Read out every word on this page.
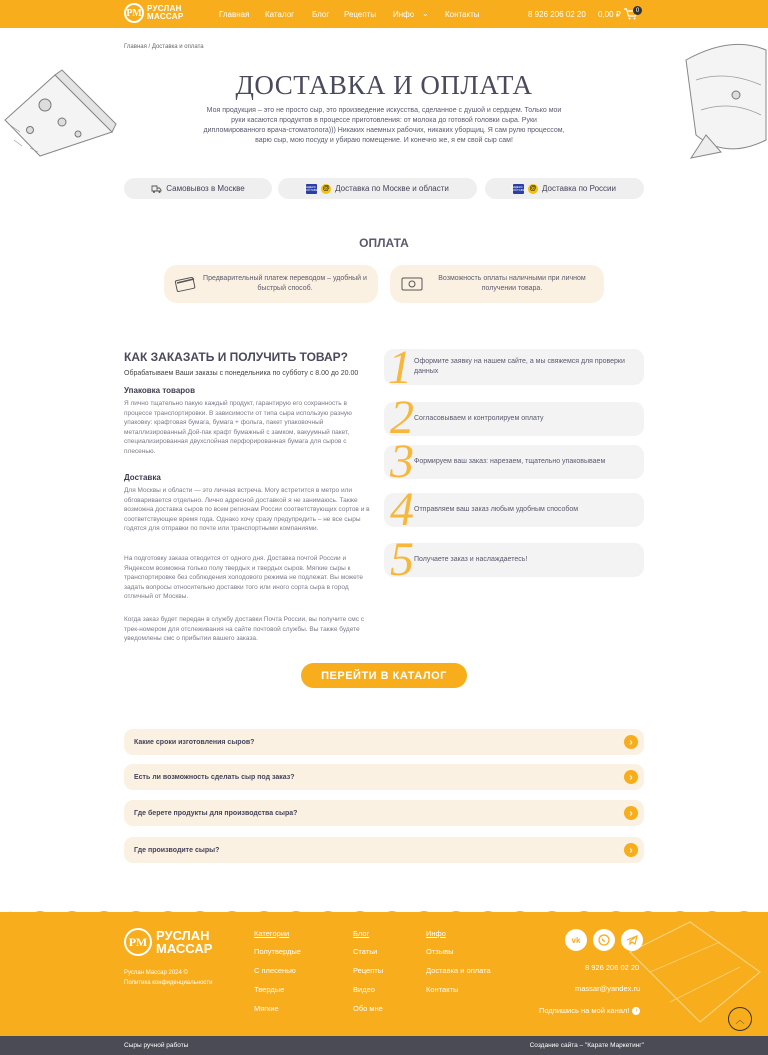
РМ РУСЛАН
МАССАР	Главная Каталог Блог Рецепты Инфо ⌄ Контакты	8 926 206 02 20 0,00 ₽	0
Главная / Доставка и оплата
ДОСТАВКА И ОПЛАТА
Моя продукция – это не просто сыр, это произведение искусства, сделанное с душой и сердцем. Только мои руки касаются продуктов в процессе приготовления: от молока до готовой головки сыра. Руки дипломированного врача-стоматолога))) Никаких наемных рабочих, никаких уборщиц. Я сам рулю процессом, варю сыр, мою посуду и убираю помещение. И конечно же, я ем свой сыр сам!
Самовывоз в Москве	ЯНДЕКС ДОСТАВКА @ Доставка по Москве и области	ЯНДЕКС ДОСТАВКА @ Доставка по России
ОПЛАТА
Предварительный платеж переводом – удобный и быстрый способ.
Возможность оплаты наличными при личном получении товара.
КАК ЗАКАЗАТЬ И ПОЛУЧИТЬ ТОВАР?
Обрабатываем Ваши заказы с понедельника по субботу с 8.00 до 20.00
Упаковка товаров
Я лично тщательно пакую каждый продукт, гарантирую его сохранность в процессе транспортировки. В зависимости от типа сыра использую разную упаковку: крафтовая бумага, бумага + фольга, пакет упаковочный металлизированный Дой-пак крафт бумажный с замком, вакуумный пакет, специализированная двухслойная перфорированная бумага для сыров с плесенью.
Доставка
Для Москвы и области — это личная встреча. Могу встретится в метро или обговаривается отдельно. Лично адресной доставкой я не занимаюсь. Также возможна доставка сыров по всем регионам России соответствующих сортов и в соответствующее время года. Однако хочу сразу предупредить – не все сыры годятся для отправки по почте или транспортными компаниями.
На подготовку заказа отводится от одного дня. Доставка почтой России и Яндексом возможна только полу твердых и твердых сыров. Мягкие сыры к транспортировке без соблюдения холодового режима не подлежат. Вы можете задать вопросы относительно доставки того или иного сорта сыра в город отличный от Москвы.
Когда заказ будет передан в службу доставки Почта России, вы получите смс с трек-номером для отслеживания на сайте почтовой службы. Вы также будете уведомлены смс о прибытии вашего заказа.
Оформите заявку на нашем сайте, а мы свяжемся для проверки данных
Согласовываем и контролируем оплату
Формируем ваш заказ: нарезаем, тщательно упаковываем
Отправляем ваш заказ любым удобным способом
Получаете заказ и наслаждаетесь!
1
2
3
4
5
ПЕРЕЙТИ В КАТАЛОГ
Какие сроки изготовления сыров?	›
Есть ли возможность сделать сыр под заказ?	›
Где берете продукты для производства сыра?	›
Где производите сыры?	›
РМ РУСЛАН
МАССАР
Руслан Массар 2024 ©
Политика конфиденциальности
Категории
Полутвердые
С плесенью
Твердые
Мягкие
Блог
Статьи
Рецепты
Видео
Обо мне
Инфо
Отзывы
Доставка и оплата
Контакты
vk
8 926 206 02 20
massar@yandex.ru
Подпишись на мой канал! ›
︿
Сыры ручной работы	Создание сайта – "Карате Маркетинг"
